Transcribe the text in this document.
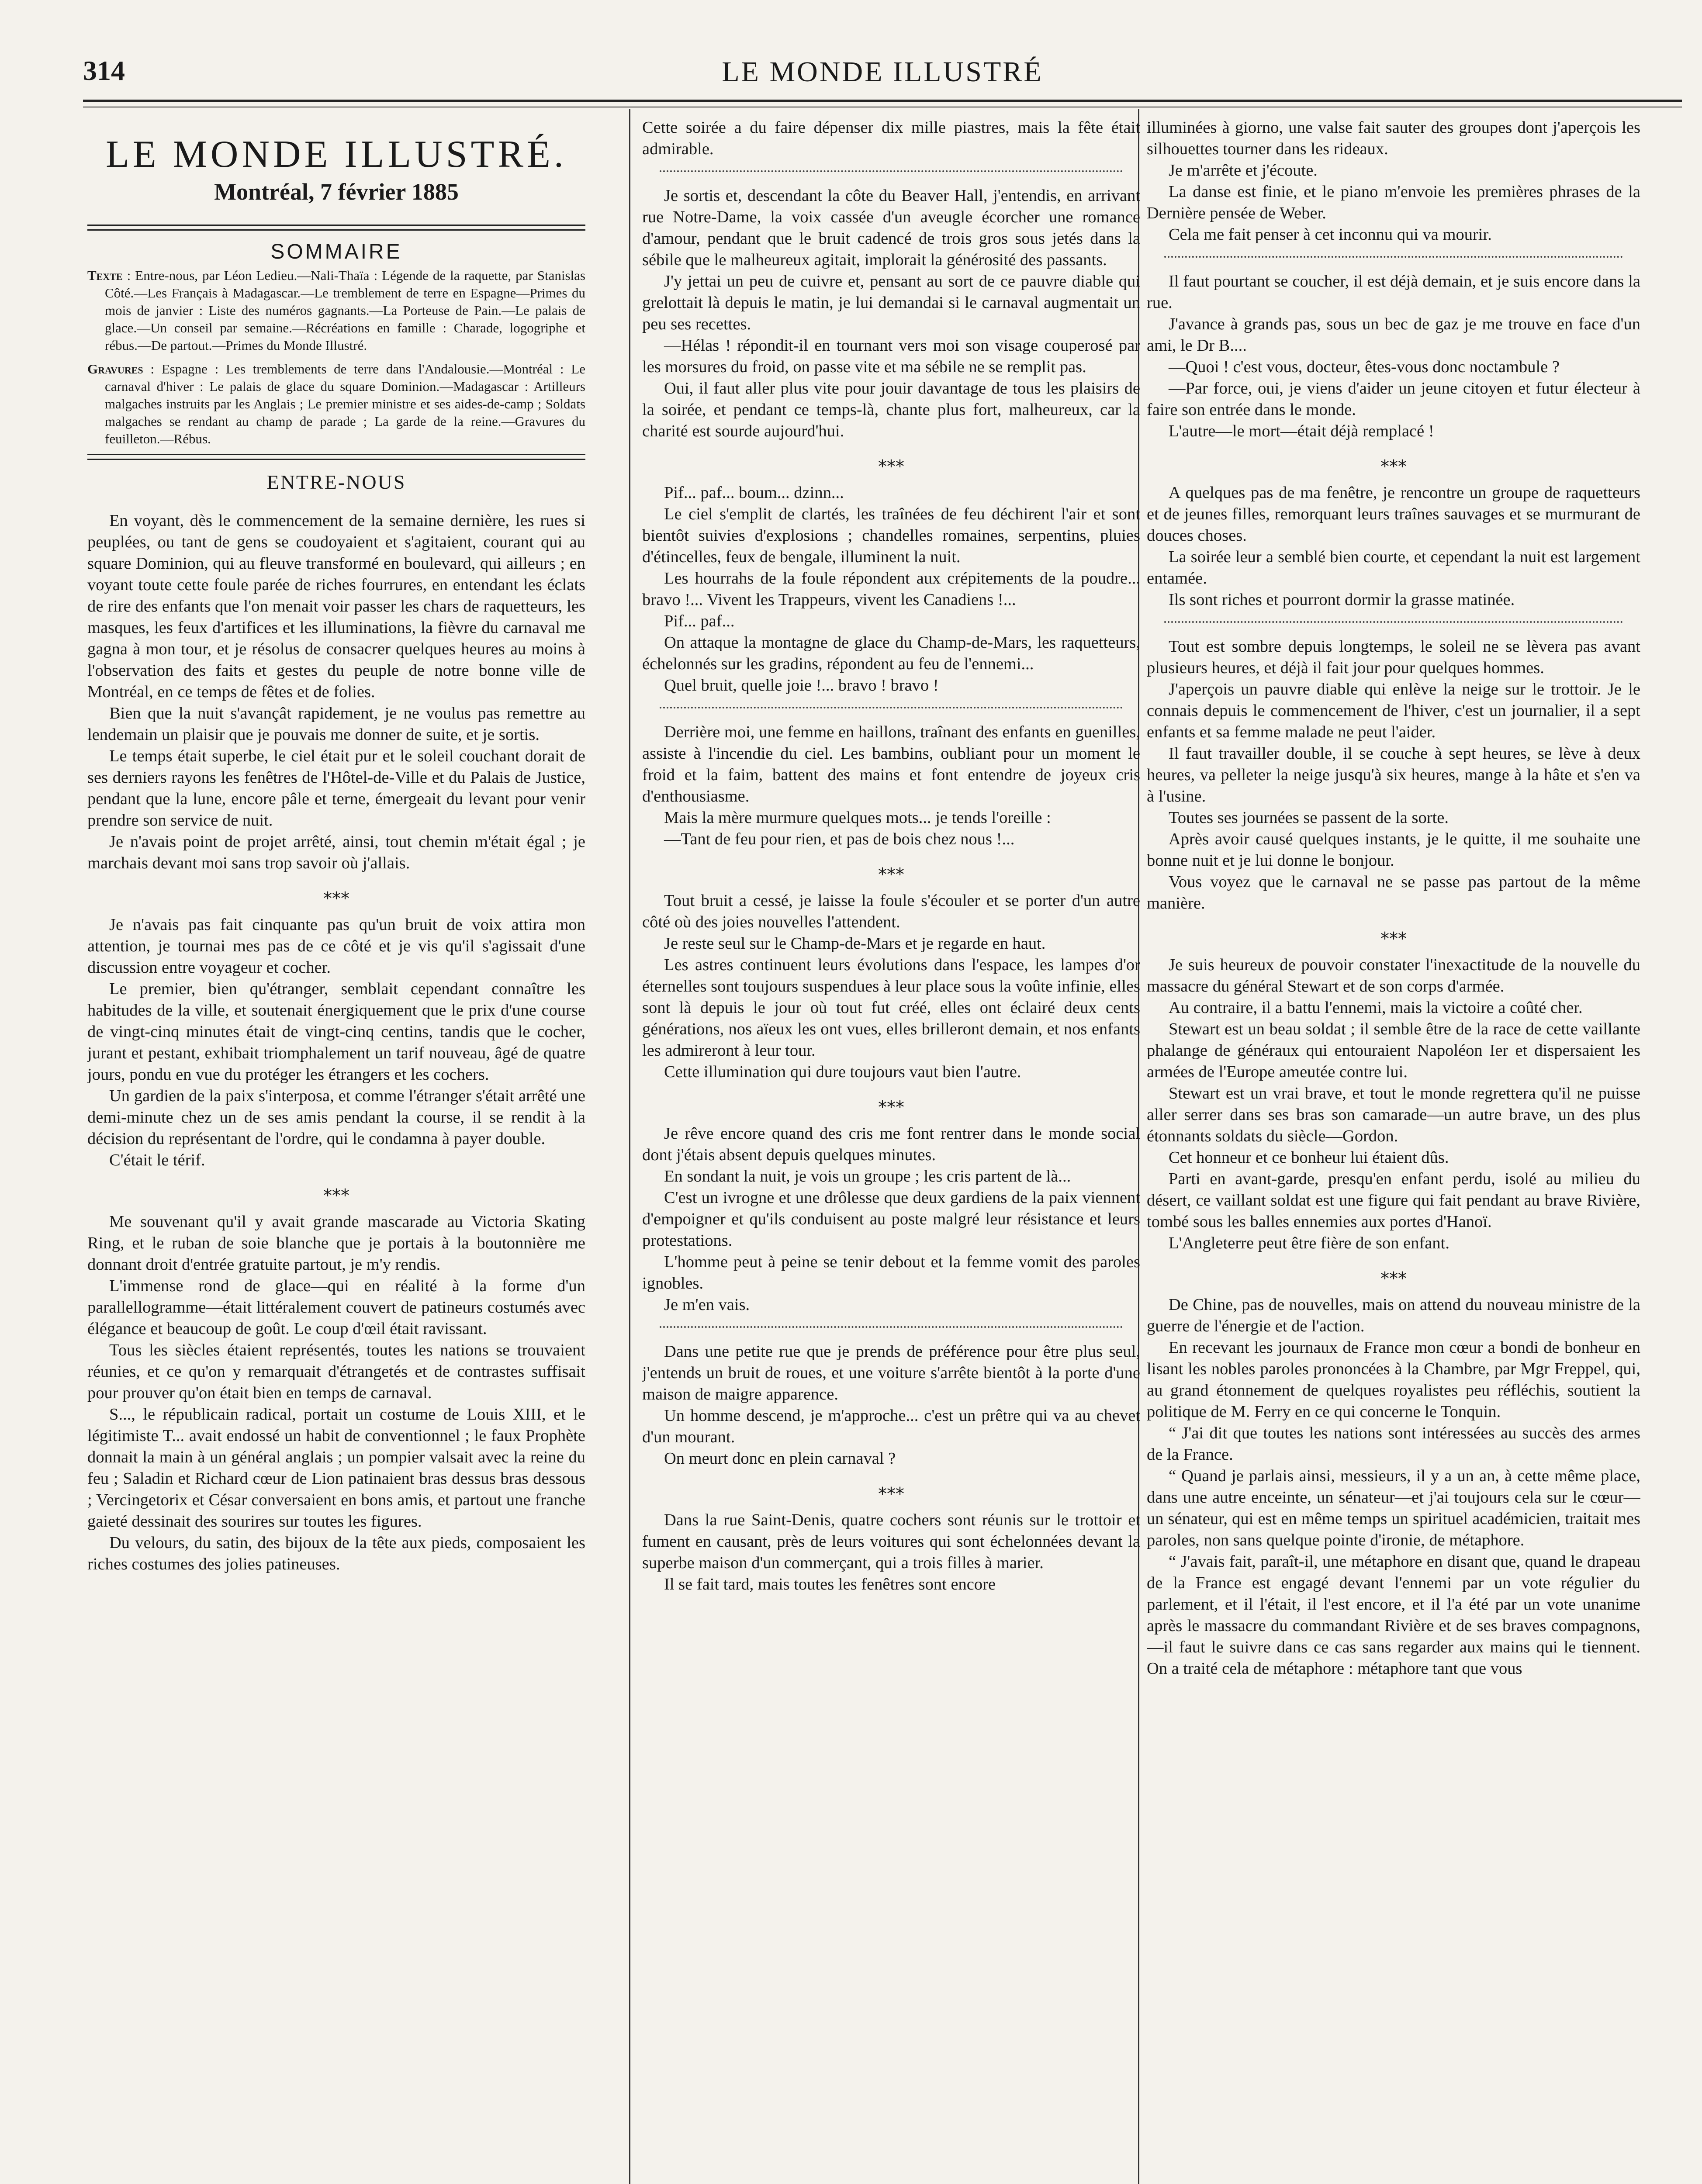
314	LE MONDE ILLUSTRÉ
LE MONDE ILLUSTRÉ.
Montréal, 7 février 1885
SOMMAIRE

Texte : Entre-nous, par Léon Ledieu.—Nali-Thaïa : Légende de la raquette, par Stanislas Côté.—Les Français à Madagascar.—Le tremblement de terre en Espagne—Primes du mois de janvier : Liste des numéros gagnants.—La Porteuse de Pain.—Le palais de glace.—Un conseil par semaine.—Récréations en famille : Charade, logogriphe et rébus.—De partout.—Primes du Monde Illustré.

Gravures : Espagne : Les tremblements de terre dans l'Andalousie.—Montréal : Le carnaval d'hiver : Le palais de glace du square Dominion.—Madagascar : Artilleurs malgaches instruits par les Anglais ; Le premier ministre et ses aides-de-camp ; Soldats malgaches se rendant au champ de parade ; La garde de la reine.—Gravures du feuilleton.—Rébus.

ENTRE-NOUS

En voyant, dès le commencement de la semaine dernière, les rues si peuplées, ou tant de gens se coudoyaient et s'agitaient, courant qui au square Dominion, qui au fleuve transformé en boulevard, qui ailleurs ; en voyant toute cette foule parée de riches fourrures, en entendant les éclats de rire des enfants que l'on menait voir passer les chars de raquetteurs, les masques, les feux d'artifices et les illuminations, la fièvre du carnaval me gagna à mon tour, et je résolus de consacrer quelques heures au moins à l'observation des faits et gestes du peuple de notre bonne ville de Montréal, en ce temps de fêtes et de folies.

Bien que la nuit s'avançât rapidement, je ne voulus pas remettre au lendemain un plaisir que je pouvais me donner de suite, et je sortis.

Le temps était superbe, le ciel était pur et le soleil couchant dorait de ses derniers rayons les fenêtres de l'Hôtel-de-Ville et du Palais de Justice, pendant que la lune, encore pâle et terne, émergeait du levant pour venir prendre son service de nuit.

Je n'avais point de projet arrêté, ainsi, tout chemin m'était égal ; je marchais devant moi sans trop savoir où j'allais.

⁎⁎⁎

Je n'avais pas fait cinquante pas qu'un bruit de voix attira mon attention, je tournai mes pas de ce côté et je vis qu'il s'agissait d'une discussion entre voyageur et cocher.

Le premier, bien qu'étranger, semblait cependant connaître les habitudes de la ville, et soutenait énergiquement que le prix d'une course de vingt-cinq minutes était de vingt-cinq centins, tandis que le cocher, jurant et pestant, exhibait triomphalement un tarif nouveau, âgé de quatre jours, pondu en vue du protéger les étrangers et les cochers.

Un gardien de la paix s'interposa, et comme l'étranger s'était arrêté une demi-minute chez un de ses amis pendant la course, il se rendit à la décision du représentant de l'ordre, qui le condamna à payer double.

C'était le térif.

⁎⁎⁎

Me souvenant qu'il y avait grande mascarade au Victoria Skating Ring, et le ruban de soie blanche que je portais à la boutonnière me donnant droit d'entrée gratuite partout, je m'y rendis.

L'immense rond de glace—qui en réalité à la forme d'un parallellogramme—était littéralement couvert de patineurs costumés avec élégance et beaucoup de goût. Le coup d'œil était ravissant.

Tous les siècles étaient représentés, toutes les nations se trouvaient réunies, et ce qu'on y remarquait d'étrangetés et de contrastes suffisait pour prouver qu'on était bien en temps de carnaval.

S..., le républicain radical, portait un costume de Louis XIII, et le légitimiste T... avait endossé un habit de conventionnel ; le faux Prophète donnait la main à un général anglais ; un pompier valsait avec la reine du feu ; Saladin et Richard cœur de Lion patinaient bras dessus bras dessous ; Vercingetorix et César conversaient en bons amis, et partout une franche gaieté dessinait des sourires sur toutes les figures.

Du velours, du satin, des bijoux de la tête aux pieds, composaient les riches costumes des jolies patineuses.

Cette soirée a du faire dépenser dix mille piastres, mais la fête était admirable.

Je sortis et, descendant la côte du Beaver Hall, j'entendis, en arrivant rue Notre-Dame, la voix cassée d'un aveugle écorcher une romance d'amour, pendant que le bruit cadencé de trois gros sous jetés dans la sébile que le malheureux agitait, implorait la générosité des passants.

J'y jettai un peu de cuivre et, pensant au sort de ce pauvre diable qui grelottait là depuis le matin, je lui demandai si le carnaval augmentait un peu ses recettes.

—Hélas ! répondit-il en tournant vers moi son visage couperosé par les morsures du froid, on passe vite et ma sébile ne se remplit pas.

Oui, il faut aller plus vite pour jouir davantage de tous les plaisirs de la soirée, et pendant ce temps-là, chante plus fort, malheureux, car la charité est sourde aujourd'hui.

⁎⁎⁎

Pif... paf... boum... dzinn...

Le ciel s'emplit de clartés, les traînées de feu déchirent l'air et sont bientôt suivies d'explosions ; chandelles romaines, serpentins, pluies d'étincelles, feux de bengale, illuminent la nuit.

Les hourrahs de la foule répondent aux crépitements de la poudre... bravo !... Vivent les Trappeurs, vivent les Canadiens !...

Pif... paf...

On attaque la montagne de glace du Champ-de-Mars, les raquetteurs, échelonnés sur les gradins, répondent au feu de l'ennemi...

Quel bruit, quelle joie !... bravo ! bravo !

Derrière moi, une femme en haillons, traînant des enfants en guenilles, assiste à l'incendie du ciel. Les bambins, oubliant pour un moment le froid et la faim, battent des mains et font entendre de joyeux cris d'enthousiasme.

Mais la mère murmure quelques mots... je tends l'oreille :

—Tant de feu pour rien, et pas de bois chez nous !...

⁎⁎⁎

Tout bruit a cessé, je laisse la foule s'écouler et se porter d'un autre côté où des joies nouvelles l'attendent.

Je reste seul sur le Champ-de-Mars et je regarde en haut.

Les astres continuent leurs évolutions dans l'espace, les lampes d'or éternelles sont toujours suspendues à leur place sous la voûte infinie, elles sont là depuis le jour où tout fut créé, elles ont éclairé deux cents générations, nos aïeux les ont vues, elles brilleront demain, et nos enfants les admireront à leur tour.

Cette illumination qui dure toujours vaut bien l'autre.

⁎⁎⁎

Je rêve encore quand des cris me font rentrer dans le monde social dont j'étais absent depuis quelques minutes.

En sondant la nuit, je vois un groupe ; les cris partent de là...

C'est un ivrogne et une drôlesse que deux gardiens de la paix viennent d'empoigner et qu'ils conduisent au poste malgré leur résistance et leurs protestations.

L'homme peut à peine se tenir debout et la femme vomit des paroles ignobles.

Je m'en vais.

Dans une petite rue que je prends de préférence pour être plus seul, j'entends un bruit de roues, et une voiture s'arrête bientôt à la porte d'une maison de maigre apparence.

Un homme descend, je m'approche... c'est un prêtre qui va au chevet d'un mourant.

On meurt donc en plein carnaval ?

⁎⁎⁎

Dans la rue Saint-Denis, quatre cochers sont réunis sur le trottoir et fument en causant, près de leurs voitures qui sont échelonnées devant la superbe maison d'un commerçant, qui a trois filles à marier.

Il se fait tard, mais toutes les fenêtres sont encore

illuminées à giorno, une valse fait sauter des groupes dont j'aperçois les silhouettes tourner dans les rideaux.

Je m'arrête et j'écoute.

La danse est finie, et le piano m'envoie les premières phrases de la Dernière pensée de Weber.

Cela me fait penser à cet inconnu qui va mourir.

Il faut pourtant se coucher, il est déjà demain, et je suis encore dans la rue.

J'avance à grands pas, sous un bec de gaz je me trouve en face d'un ami, le Dr B....

—Quoi ! c'est vous, docteur, êtes-vous donc noctambule ?

—Par force, oui, je viens d'aider un jeune citoyen et futur électeur à faire son entrée dans le monde.

L'autre—le mort—était déjà remplacé !

⁎⁎⁎

A quelques pas de ma fenêtre, je rencontre un groupe de raquetteurs et de jeunes filles, remorquant leurs traînes sauvages et se murmurant de douces choses.

La soirée leur a semblé bien courte, et cependant la nuit est largement entamée.

Ils sont riches et pourront dormir la grasse matinée.

Tout est sombre depuis longtemps, le soleil ne se lèvera pas avant plusieurs heures, et déjà il fait jour pour quelques hommes.

J'aperçois un pauvre diable qui enlève la neige sur le trottoir. Je le connais depuis le commencement de l'hiver, c'est un journalier, il a sept enfants et sa femme malade ne peut l'aider.

Il faut travailler double, il se couche à sept heures, se lève à deux heures, va pelleter la neige jusqu'à six heures, mange à la hâte et s'en va à l'usine.

Toutes ses journées se passent de la sorte.

Après avoir causé quelques instants, je le quitte, il me souhaite une bonne nuit et je lui donne le bonjour.

Vous voyez que le carnaval ne se passe pas partout de la même manière.

⁎⁎⁎

Je suis heureux de pouvoir constater l'inexactitude de la nouvelle du massacre du général Stewart et de son corps d'armée.

Au contraire, il a battu l'ennemi, mais la victoire a coûté cher.

Stewart est un beau soldat ; il semble être de la race de cette vaillante phalange de généraux qui entouraient Napoléon Ier et dispersaient les armées de l'Europe ameutée contre lui.

Stewart est un vrai brave, et tout le monde regrettera qu'il ne puisse aller serrer dans ses bras son camarade—un autre brave, un des plus étonnants soldats du siècle—Gordon.

Cet honneur et ce bonheur lui étaient dûs.

Parti en avant-garde, presqu'en enfant perdu, isolé au milieu du désert, ce vaillant soldat est une figure qui fait pendant au brave Rivière, tombé sous les balles ennemies aux portes d'Hanoï.

L'Angleterre peut être fière de son enfant.

⁎⁎⁎

De Chine, pas de nouvelles, mais on attend du nouveau ministre de la guerre de l'énergie et de l'action.

En recevant les journaux de France mon cœur a bondi de bonheur en lisant les nobles paroles prononcées à la Chambre, par Mgr Freppel, qui, au grand étonnement de quelques royalistes peu réfléchis, soutient la politique de M. Ferry en ce qui concerne le Tonquin.

“ J'ai dit que toutes les nations sont intéressées au succès des armes de la France.

“ Quand je parlais ainsi, messieurs, il y a un an, à cette même place, dans une autre enceinte, un sénateur—et j'ai toujours cela sur le cœur—un sénateur, qui est en même temps un spirituel académicien, traitait mes paroles, non sans quelque pointe d'ironie, de métaphore.

“ J'avais fait, paraît-il, une métaphore en disant que, quand le drapeau de la France est engagé devant l'ennemi par un vote régulier du parlement, et il l'était, il l'est encore, et il l'a été par un vote unanime après le massacre du commandant Rivière et de ses braves compagnons,—il faut le suivre dans ce cas sans regarder aux mains qui le tiennent. On a traité cela de métaphore : métaphore tant que vous
